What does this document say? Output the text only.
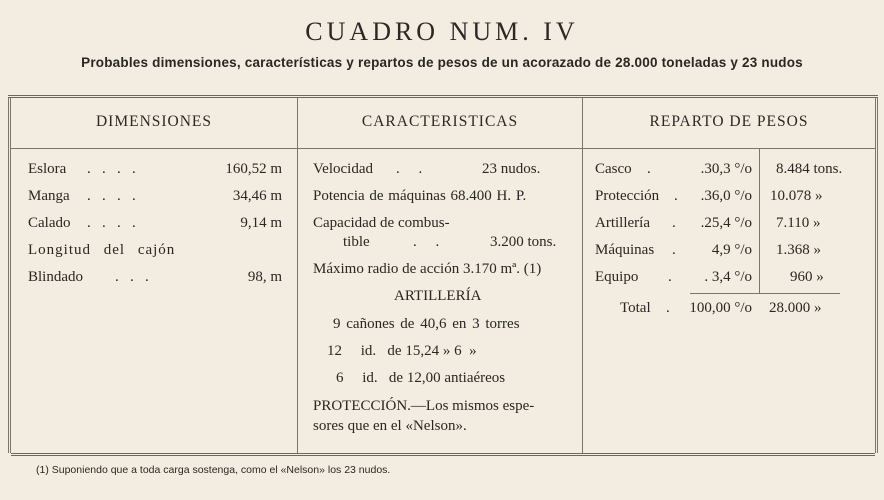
CUADRO NUM. IV
Probables dimensiones, características y repartos de pesos de un acorazado de 28.000 toneladas y 23 nudos
DIMENSIONES	CARACTERISTICAS	REPARTO DE PESOS
Eslora .   .   .   .	160,52 m
Manga .   .   .   .	34,46 m
Calado .   .   .   .	9,14 m
Longitud del cajón
Blindado .   .   .	98, m
Velocidad .     .	23 nudos.
Potencia de máquinas 68.400 H. P.
Capacidad de combus-
tible	.     .	3.200 tons.
Máximo radio de acción 3.170 mª. (1)
ARTILLERÍA
9 cañones de 40,6 en 3 torres
12     id.   de 15,24 » 6  »
6     id.   de 12,00 antiaéreos
PROTECCIÓN.—Los mismos espe-
sores que en el «Nelson».
Casco .	.30,3 °/o 8.484 tons.
Protección .	.36,0 °/o 10.078 »
Artillería .	.25,4 °/o 7.110 »
Máquinas .	4,9 °/o 1.368 »
Equipo .	. 3,4 °/o	960 »
Total .	100,00 °/o 28.000 »
(1) Suponiendo que a toda carga sostenga, como el «Nelson» los 23 nudos.
